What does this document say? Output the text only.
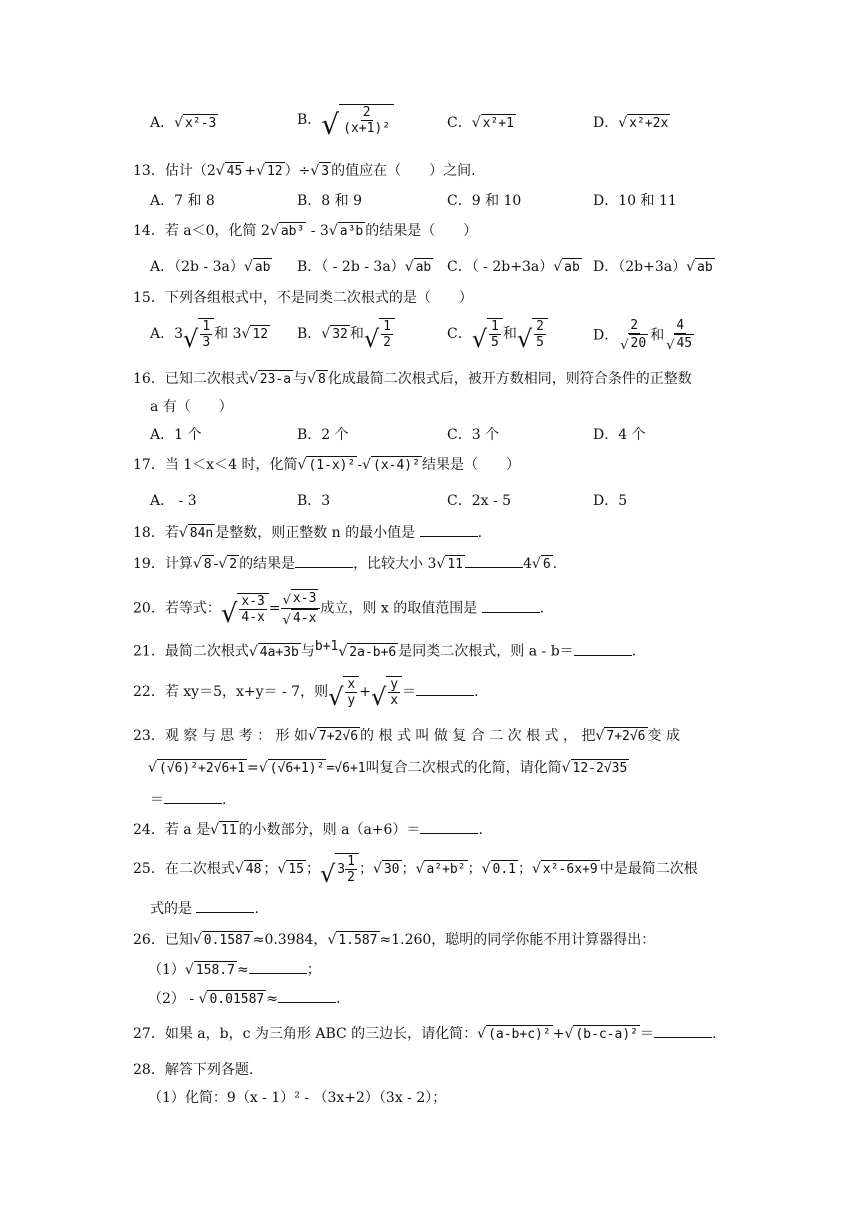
A．√ x²-3	B．√ $\frac{2}{\text{(x+1)²}}$	C．√ x²+1	D．√ x²+2x
13．估计（2√ 45 +√ 12 ）÷√ 3 的值应在（　　）之间.
A．7 和 8	B．8 和 9	C．9 和 10	D．10 和 11
14．若 a＜0，化简 2√ ab³ - 3√ a³b 的结果是（　　）
A．（2b - 3a）√ ab B．（ - 2b - 3a）√ ab C．（ - 2b+3a）√ ab D．（2b+3a）√ ab
15．下列各组根式中，不是同类二次根式的是（　　）
A．$3√ \frac{1}{3}$ 和 3√ 12 B．√ 32 和√ $\frac{1}{2}$	C．√ $\frac{1}{5}$ 和√ $\frac{2}{5}$	D． $\frac{2}{√ 20}$ 和 $\frac{4}{√ 45}$
16．已知二次根式√ 23-a 与√ 8 化成最简二次根式后，被开方数相同，则符合条件的正整数
a 有（　　）
A．1 个	B．2 个	C．3 个	D．4 个
17．当 1＜x＜4 时，化简√ (1-x)² -√ (x-4)² 结果是（　　）
A． - 3	B．3	C．2x - 5	D．5
18．若√ 84n 是整数，则正整数 n 的最小值是	.
19．计算√ 8 -√ 2 的结果是	，比较大小 3√ 11	4√ 6 .
20．若等式：√ $\frac{x-3}{4-x} = \frac{√ x-3}{√ 4-x}$ 成立，则 x 的取值范围是	.
21．最简二次根式√ 4a+3b 与$^{b+1}$√ 2a-b+6 是同类二次根式，则 a - b＝	.
22．若 xy＝5，x+y＝ - 7，则√ $\frac{x}{y}$ +√ $\frac{y}{x}$ ＝	.
23．观 察 与 思 考 ： 形 如√ 7+2√6 的 根 式 叫 做 复 合 二 次 根 式 ， 把√ 7+2√6 变 成
√ (√6)²+2√6+1 =√ (√6+1)² =√6+1叫复合二次根式的化简，请化简√ 12-2√35
＝	.
24．若 a 是√ 11 的小数部分，则 a（a+6）＝	.
25．在二次根式√ 48 ；√ 15 ；√ $3 \frac{1}{2}$ ；√ 30 ；√ a²+b² ；√ 0.1 ；√ x²-6x+9 中是最简二次根
式的是	.
26．已知√ 0.1587 ≈0.3984，√ 1.587 ≈1.260，聪明的同学你能不用计算器得出：
（1）√ 158.7 ≈	；
（2） - √ 0.01587 ≈	.
27．如果 a，b，c 为三角形 ABC 的三边长，请化简：√ (a-b+c)² +√ (b-c-a)² ＝	.
28．解答下列各题.
（1）化简：9（x - 1）² - （3x+2）（3x - 2）；
